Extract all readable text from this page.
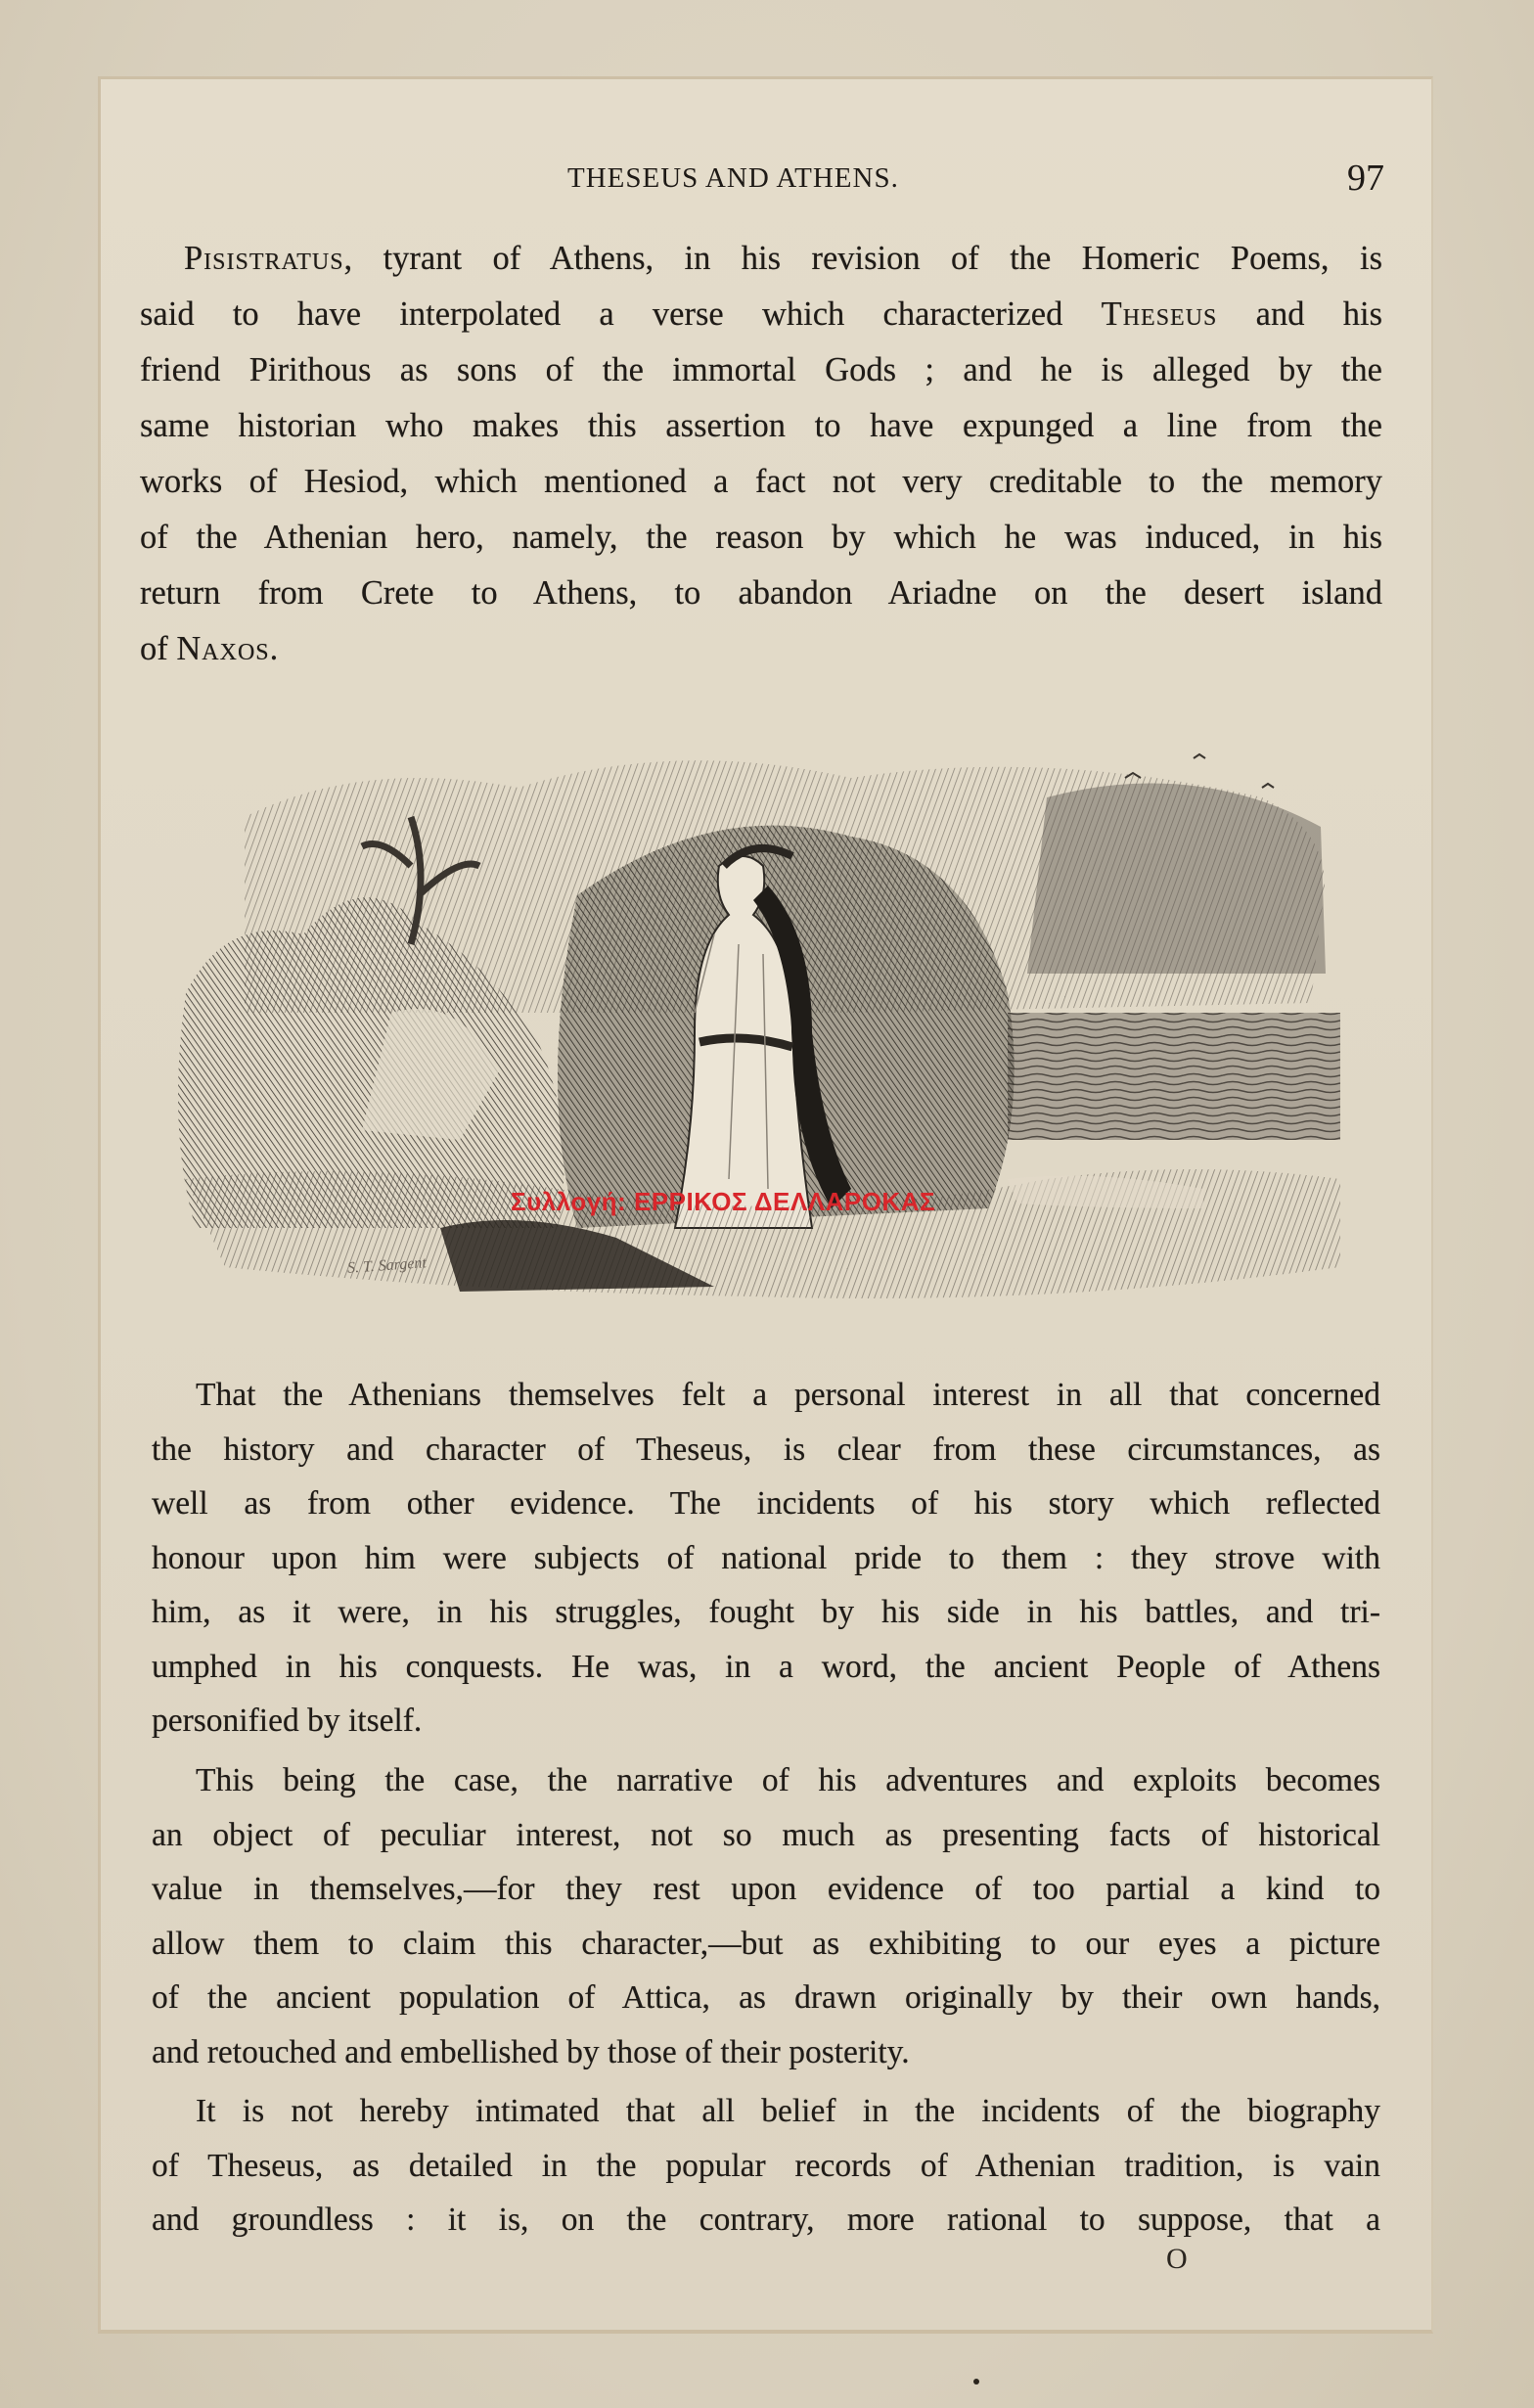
THESEUS AND ATHENS.	97
Pisistratus, tyrant of Athens, in his revision of the Homeric Poems, is
said to have interpolated a verse which characterized Theseus and his
friend Pirithous as sons of the immortal Gods ; and he is alleged by the
same historian who makes this assertion to have expunged a line from the
works of Hesiod, which mentioned a fact not very creditable to the memory
of the Athenian hero, namely, the reason by which he was induced, in his
return from Crete to Athens, to abandon Ariadne on the desert island
of Naxos.
S. T. Sargent
Συλλογή: ΕΡΡΙΚΟΣ ΔΕΛΛΑΡΟΚΑΣ
That the Athenians themselves felt a personal interest in all that concerned
the history and character of Theseus, is clear from these circumstances, as
well as from other evidence. The incidents of his story which reflected
honour upon him were subjects of national pride to them : they strove with
him, as it were, in his struggles, fought by his side in his battles, and tri-
umphed in his conquests. He was, in a word, the ancient People of Athens
personified by itself.
This being the case, the narrative of his adventures and exploits becomes
an object of peculiar interest, not so much as presenting facts of historical
value in themselves,—for they rest upon evidence of too partial a kind to
allow them to claim this character,—but as exhibiting to our eyes a picture
of the ancient population of Attica, as drawn originally by their own hands,
and retouched and embellished by those of their posterity.
It is not hereby intimated that all belief in the incidents of the biography
of Theseus, as detailed in the popular records of Athenian tradition, is vain
and groundless : it is, on the contrary, more rational to suppose, that a
O
